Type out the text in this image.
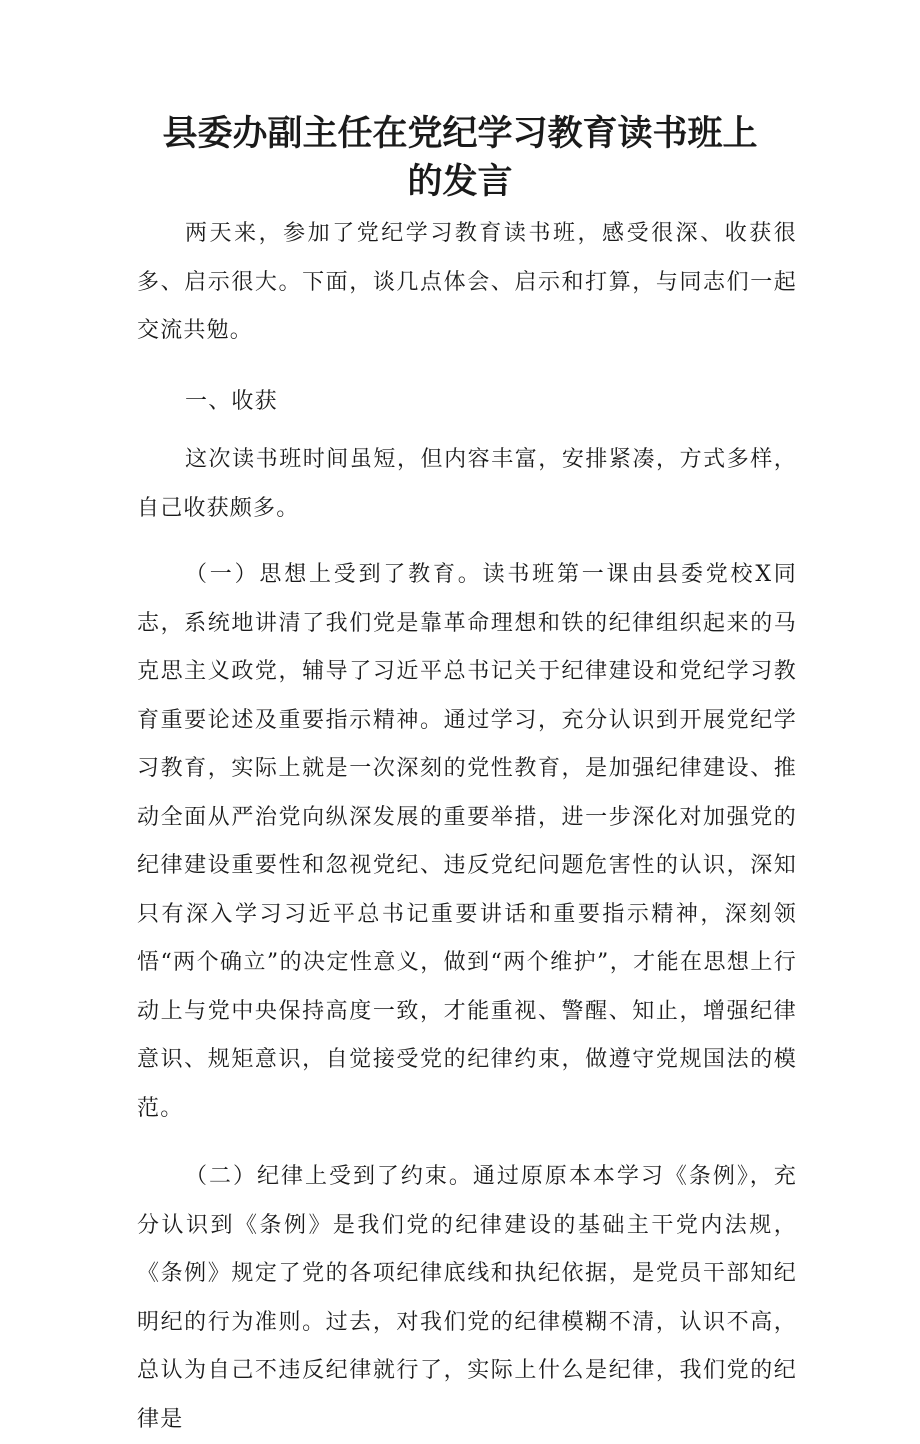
县委办副主任在党纪学习教育读书班上的发言

两天来，参加了党纪学习教育读书班，感受很深、收获很多、启示很大。下面，谈几点体会、启示和打算，与同志们一起交流共勉。

一、收获

这次读书班时间虽短，但内容丰富，安排紧凑，方式多样，自己收获颇多。

（一）思想上受到了教育。读书班第一课由县委党校X同志，系统地讲清了我们党是靠革命理想和铁的纪律组织起来的马克思主义政党，辅导了习近平总书记关于纪律建设和党纪学习教育重要论述及重要指示精神。通过学习，充分认识到开展党纪学习教育，实际上就是一次深刻的党性教育，是加强纪律建设、推动全面从严治党向纵深发展的重要举措，进一步深化对加强党的纪律建设重要性和忽视党纪、违反党纪问题危害性的认识，深知只有深入学习习近平总书记重要讲话和重要指示精神，深刻领悟“两个确立”的决定性意义，做到“两个维护”，才能在思想上行动上与党中央保持高度一致，才能重视、警醒、知止，增强纪律意识、规矩意识，自觉接受党的纪律约束，做遵守党规国法的模范。

（二）纪律上受到了约束。通过原原本本学习《条例》，充分认识到《条例》是我们党的纪律建设的基础主干党内法规，《条例》规定了党的各项纪律底线和执纪依据，是党员干部知纪明纪的行为准则。过去，对我们党的纪律模糊不清，认识不高，总认为自己不违反纪律就行了，实际上什么是纪律，我们党的纪律是
